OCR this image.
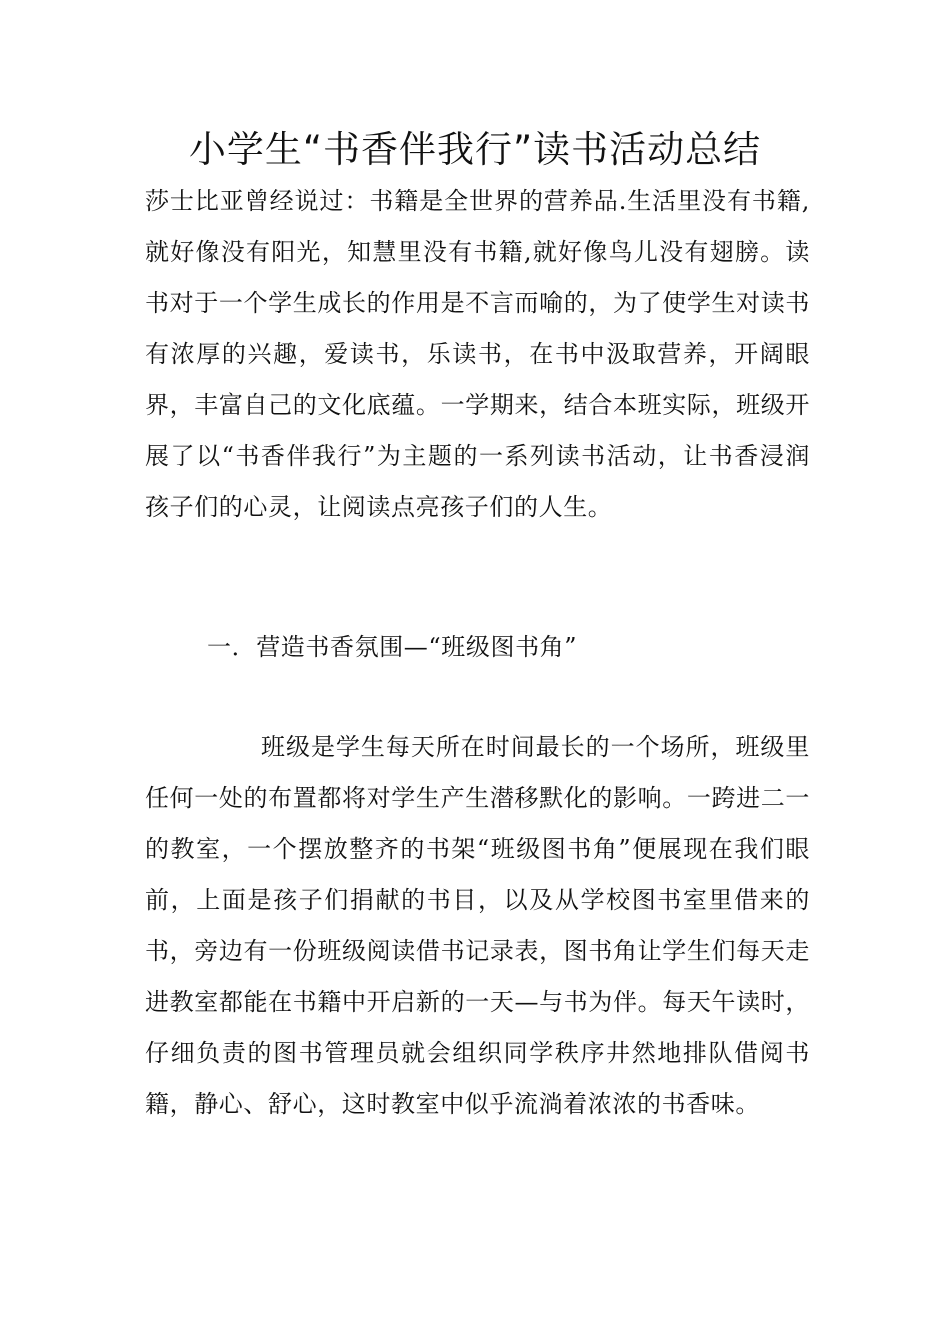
小学生“书香伴我行”读书活动总结

莎士比亚曾经说过：书籍是全世界的营养品.生活里没有书籍,就好像没有阳光，知慧里没有书籍,就好像鸟儿没有翅膀。读书对于一个学生成长的作用是不言而喻的，为了使学生对读书有浓厚的兴趣，爱读书，乐读书，在书中汲取营养，开阔眼界，丰富自己的文化底蕴。一学期来，结合本班实际，班级开展了以“书香伴我行”为主题的一系列读书活动，让书香浸润孩子们的心灵，让阅读点亮孩子们的人生。

一．营造书香氛围—“班级图书角”

班级是学生每天所在时间最长的一个场所，班级里任何一处的布置都将对学生产生潜移默化的影响。一跨进二一的教室，一个摆放整齐的书架“班级图书角”便展现在我们眼前，上面是孩子们捐献的书目，以及从学校图书室里借来的书，旁边有一份班级阅读借书记录表，图书角让学生们每天走进教室都能在书籍中开启新的一天—与书为伴。每天午读时，仔细负责的图书管理员就会组织同学秩序井然地排队借阅书籍，静心、舒心，这时教室中似乎流淌着浓浓的书香味。
